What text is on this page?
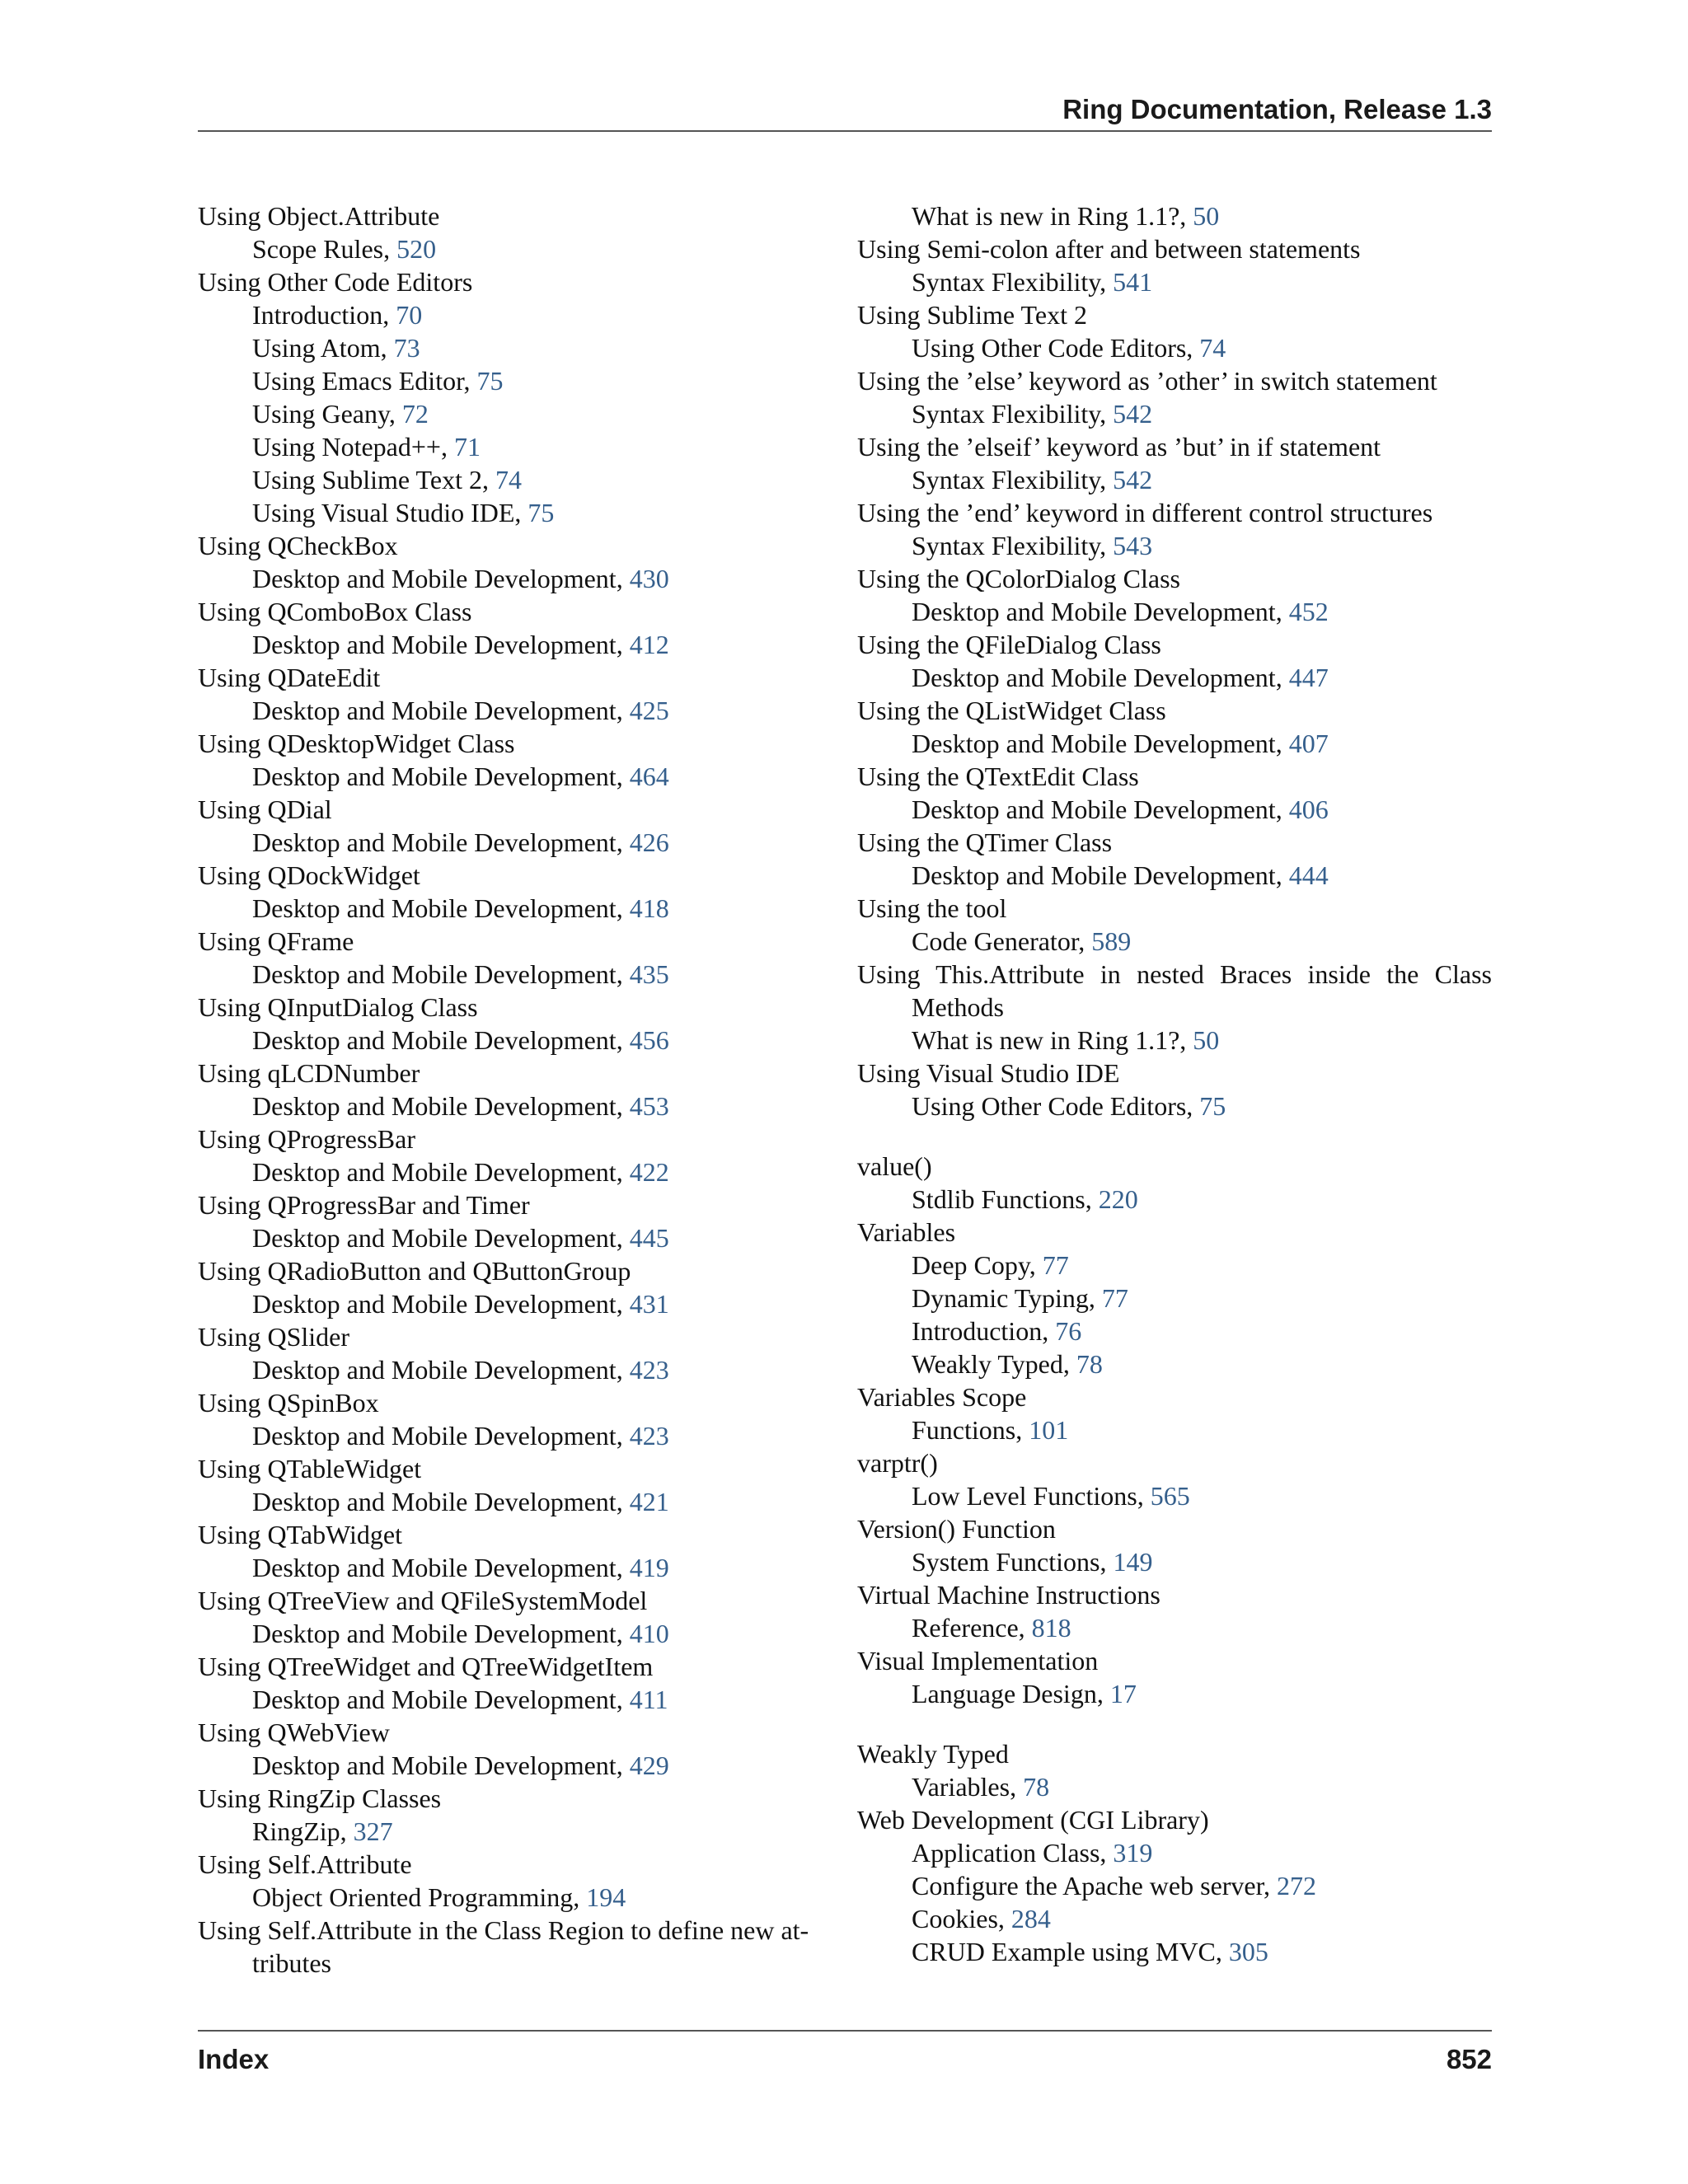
Ring Documentation, Release 1.3
Using Object.Attribute
Scope Rules, 520
Using Other Code Editors
Introduction, 70
Using Atom, 73
Using Emacs Editor, 75
Using Geany, 72
Using Notepad++, 71
Using Sublime Text 2, 74
Using Visual Studio IDE, 75
Using QCheckBox
Desktop and Mobile Development, 430
Using QComboBox Class
Desktop and Mobile Development, 412
Using QDateEdit
Desktop and Mobile Development, 425
Using QDesktopWidget Class
Desktop and Mobile Development, 464
Using QDial
Desktop and Mobile Development, 426
Using QDockWidget
Desktop and Mobile Development, 418
Using QFrame
Desktop and Mobile Development, 435
Using QInputDialog Class
Desktop and Mobile Development, 456
Using qLCDNumber
Desktop and Mobile Development, 453
Using QProgressBar
Desktop and Mobile Development, 422
Using QProgressBar and Timer
Desktop and Mobile Development, 445
Using QRadioButton and QButtonGroup
Desktop and Mobile Development, 431
Using QSlider
Desktop and Mobile Development, 423
Using QSpinBox
Desktop and Mobile Development, 423
Using QTableWidget
Desktop and Mobile Development, 421
Using QTabWidget
Desktop and Mobile Development, 419
Using QTreeView and QFileSystemModel
Desktop and Mobile Development, 410
Using QTreeWidget and QTreeWidgetItem
Desktop and Mobile Development, 411
Using QWebView
Desktop and Mobile Development, 429
Using RingZip Classes
RingZip, 327
Using Self.Attribute
Object Oriented Programming, 194
Using Self.Attribute in the Class Region to define new at-tributes
What is new in Ring 1.1?, 50
Using Semi-colon after and between statements
Syntax Flexibility, 541
Using Sublime Text 2
Using Other Code Editors, 74
Using the ’else’ keyword as ’other’ in switch statement
Syntax Flexibility, 542
Using the ’elseif’ keyword as ’but’ in if statement
Syntax Flexibility, 542
Using the ’end’ keyword in different control structures
Syntax Flexibility, 543
Using the QColorDialog Class
Desktop and Mobile Development, 452
Using the QFileDialog Class
Desktop and Mobile Development, 447
Using the QListWidget Class
Desktop and Mobile Development, 407
Using the QTextEdit Class
Desktop and Mobile Development, 406
Using the QTimer Class
Desktop and Mobile Development, 444
Using the tool
Code Generator, 589
Using This.Attribute in nested Braces inside the Class Methods
What is new in Ring 1.1?, 50
Using Visual Studio IDE
Using Other Code Editors, 75
value()
Stdlib Functions, 220
Variables
Deep Copy, 77
Dynamic Typing, 77
Introduction, 76
Weakly Typed, 78
Variables Scope
Functions, 101
varptr()
Low Level Functions, 565
Version() Function
System Functions, 149
Virtual Machine Instructions
Reference, 818
Visual Implementation
Language Design, 17
Weakly Typed
Variables, 78
Web Development (CGI Library)
Application Class, 319
Configure the Apache web server, 272
Cookies, 284
CRUD Example using MVC, 305
Index	852
